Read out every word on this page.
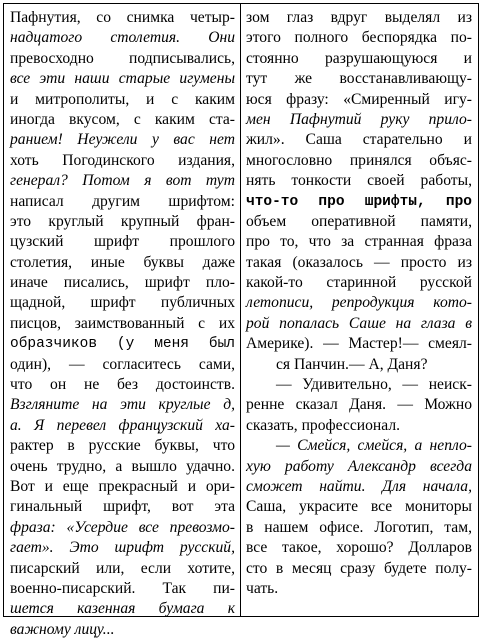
Пафнутия, со снимка четыр-
надцатого столетия. Они
превосходно подписывались,
все эти наши старые игумены
и митрополиты, и с каким
иногда вкусом, с каким ста-
ранием! Неужели у вас нет
хоть Погодинского издания,
генерал? Потом я вот тут
написал другим шрифтом:
это круглый крупный фран-
цузский шрифт прошлого
столетия, иные буквы даже
иначе писались, шрифт пло-
щадной, шрифт публичных
писцов, заимствованный с их
образчиков (у меня был
один), — согласитесь сами,
что он не без достоинств.
Взгляните на эти круглые д,
а. Я перевел французский ха-
рактер в русские буквы, что
очень трудно, а вышло удачно.
Вот и еще прекрасный и ори-
гинальный шрифт, вот эта
фраза: «Усердие все превозмо-
гает». Это шрифт русский,
писарский или, если хотите,
военно-писарский. Так пи-
шется казенная бумага к
важному лицу...
зом глаз вдруг выделял из
этого полного беспорядка по-
стоянно разрушающуюся и
тут же восстанавливающу-
юся фразу: «Смиренный игу-
мен Пафнутий руку прило-
жил». Саша старательно и
многословно принялся объяс-
нять тонкости своей работы,
что-то про шрифты, про
объем оперативной памяти,
про то, что за странная фраза
такая (оказалось — просто из
какой-то старинной русской
летописи, репродукция кото-
рой попалась Саше на глаза в
Америке). — Мастер!— смеял-
ся Панчин.— А, Даня?
— Удивительно, — неиск-
ренне сказал Даня. — Можно
сказать, профессионал.
— Смейся, смейся, а непло-
хую работу Александр всегда
сможет найти. Для начала,
Саша, украсите все мониторы
в нашем офисе. Логотип, там,
все такое, хорошо? Долларов
сто в месяц сразу будете полу-
чать.
